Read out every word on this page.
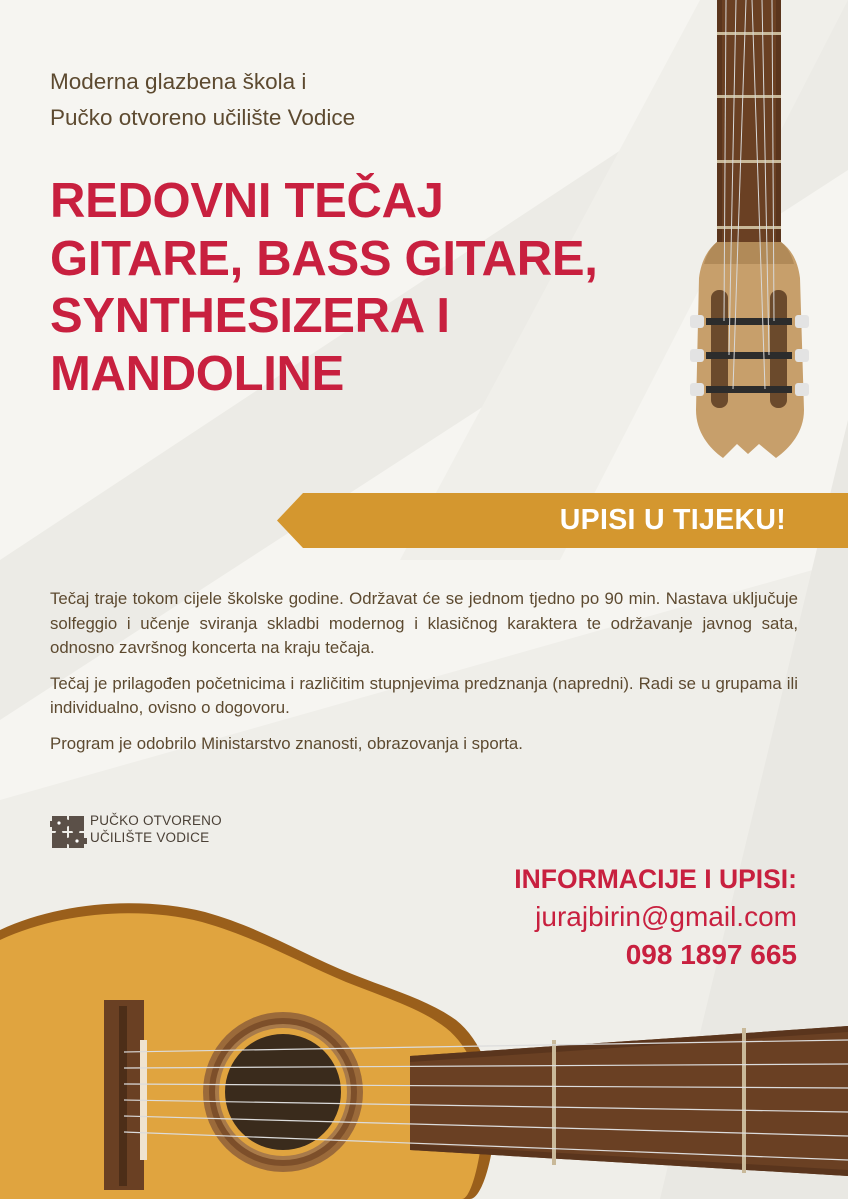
Moderna glazbena škola i
Pučko otvoreno učilište Vodice
REDOVNI TEČAJ
GITARE, BASS GITARE,
SYNTHESIZERA I
MANDOLINE
UPISI U TIJEKU!

Tečaj traje tokom cijele školske godine. Održavat će se jednom tjedno po 90 min. Nastava uključuje solfeggio i učenje sviranja skladbi modernog i klasičnog karaktera te održavanje javnog sata, odnosno završnog koncerta na kraju tečaja.

Tečaj je prilagođen početnicima i različitim stupnjevima predznanja (napredni). Radi se u grupama ili individualno, ovisno o dogovoru.

Program je odobrilo Ministarstvo znanosti, obrazovanja i sporta.

PUČKO OTVORENO
UČILIŠTE VODICE
INFORMACIJE I UPISI:
jurajbirin@gmail.com
098 1897 665
